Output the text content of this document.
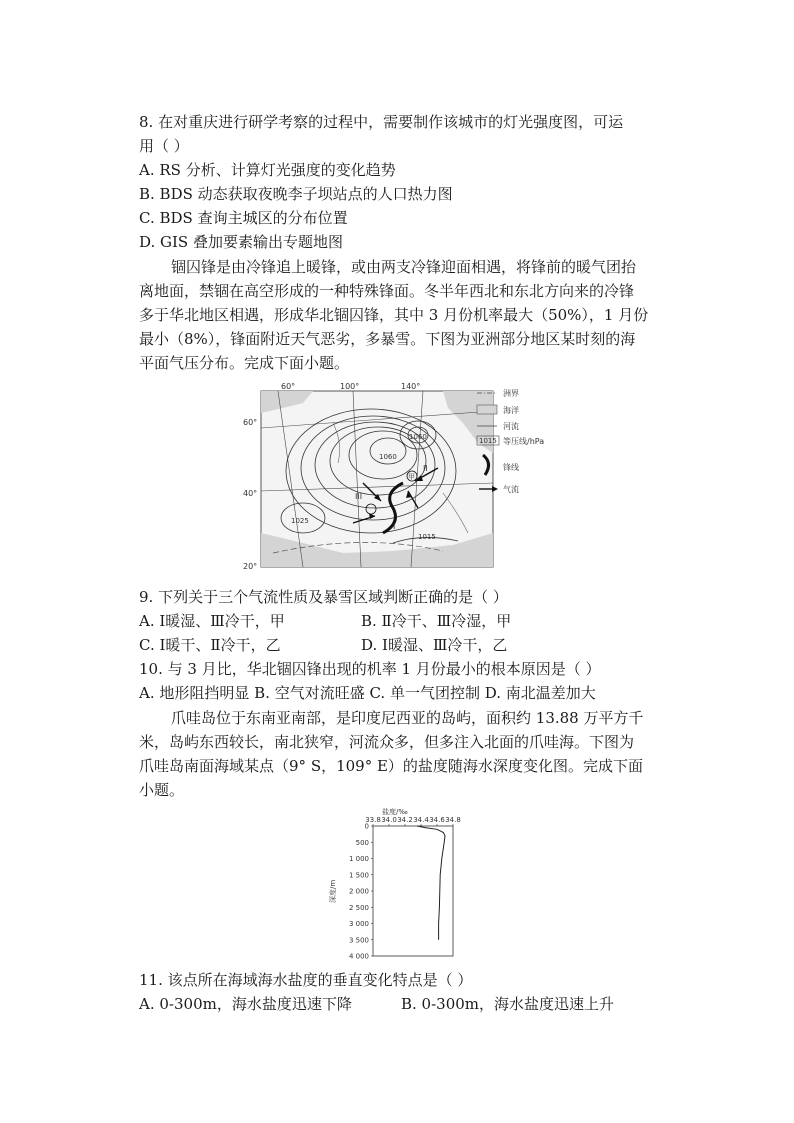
8. 在对重庆进行研学考察的过程中，需要制作该城市的灯光强度图，可运
用（ ）
A. RS 分析、计算灯光强度的变化趋势
B. BDS 动态获取夜晚李子坝站点的人口热力图
C. BDS 查询主城区的分布位置
D. GIS 叠加要素输出专题地图
锢囚锋是由冷锋追上暖锋，或由两支冷锋迎面相遇，将锋前的暖气团抬
离地面，禁锢在高空形成的一种特殊锋面。冬半年西北和东北方向来的冷锋
多于华北地区相遇，形成华北锢囚锋，其中 3 月份机率最大（50%），1 月份
最小（8%），锋面附近天气恶劣，多暴雪。下图为亚洲部分地区某时刻的海
平面气压分布。完成下面小题。
60°	100°	140°
60°
40°
20°
1060
1060
1025
1015
I
II
III
甲
洲界
海洋
河流
1015 等压线/hPa
锋线
气流
9. 下列关于三个气流性质及暴雪区域判断正确的是（ ）
A. Ⅰ暖湿、Ⅲ冷干，甲	B. Ⅱ冷干、Ⅲ冷湿，甲
C. Ⅰ暖干、Ⅱ冷干，乙	D. Ⅰ暖湿、Ⅲ冷干，乙
10. 与 3 月比，华北锢囚锋出现的机率 1 月份最小的根本原因是（ ）
A. 地形阻挡明显 B. 空气对流旺盛 C. 单一气团控制 D. 南北温差加大
爪哇岛位于东南亚南部，是印度尼西亚的岛屿，面积约 13.88 万平方千
米，岛屿东西较长，南北狭窄，河流众多，但多注入北面的爪哇海。下图为
爪哇岛南面海域某点（9° S，109° E）的盐度随海水深度变化图。完成下面
小题。
33.8 34.0 34.2 34.4 34.6 34.8
0
500
1 000
1 500
2 000
2 500
3 000
3 500
4 000
盐度/‰
深度/m
11. 该点所在海域海水盐度的垂直变化特点是（ ）
A. 0-300m，海水盐度迅速下降	B. 0-300m，海水盐度迅速上升
